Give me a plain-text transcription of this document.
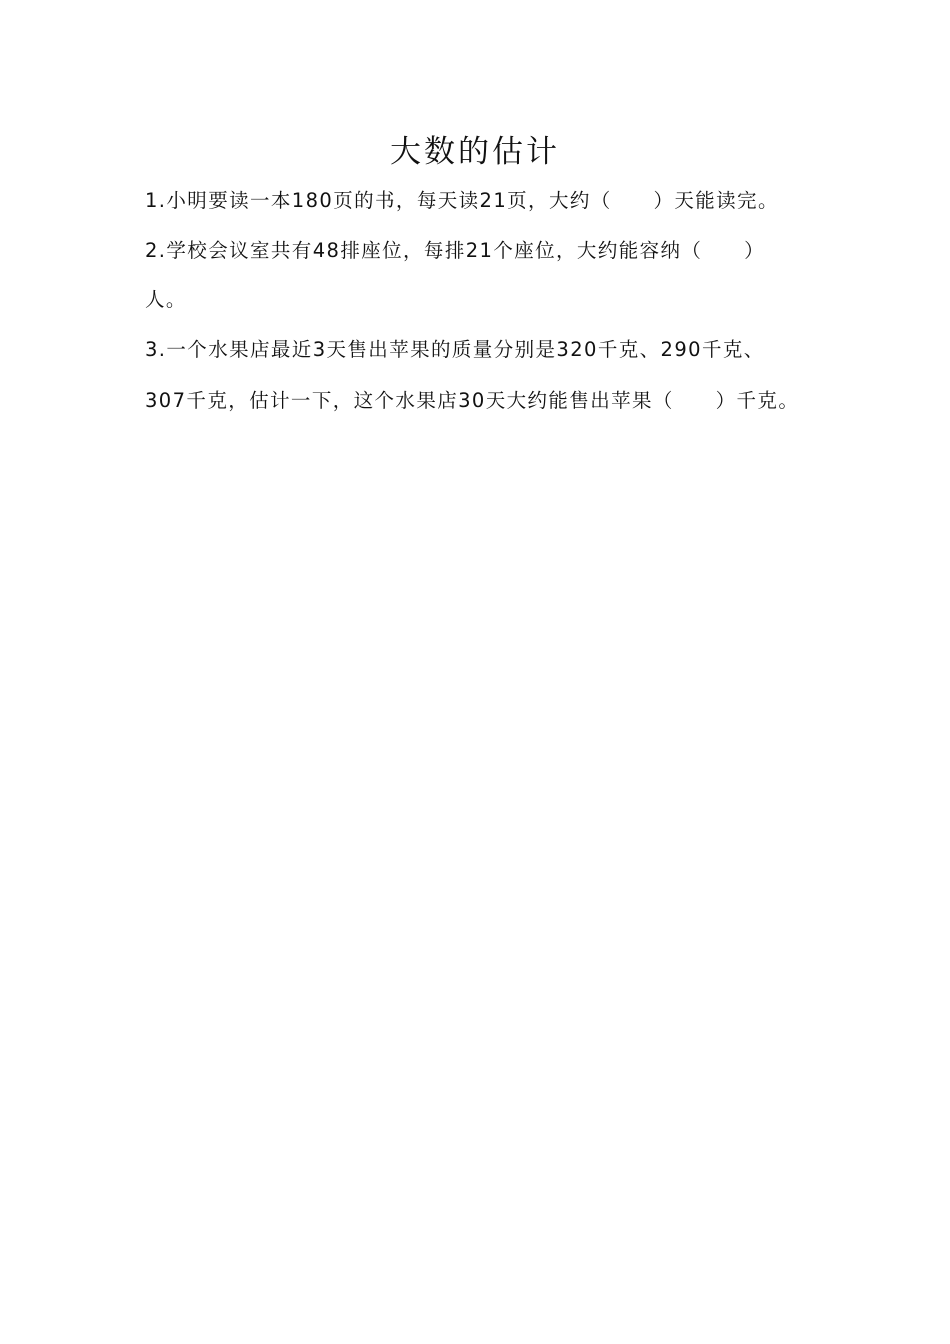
大数的估计
1.小明要读一本180页的书，每天读21页，大约（　　）天能读完。
2.学校会议室共有48排座位，每排21个座位，大约能容纳（　　）
人。
3.一个水果店最近3天售出苹果的质量分别是320千克、290千克、
307千克，估计一下，这个水果店30天大约能售出苹果（　　）千克。
